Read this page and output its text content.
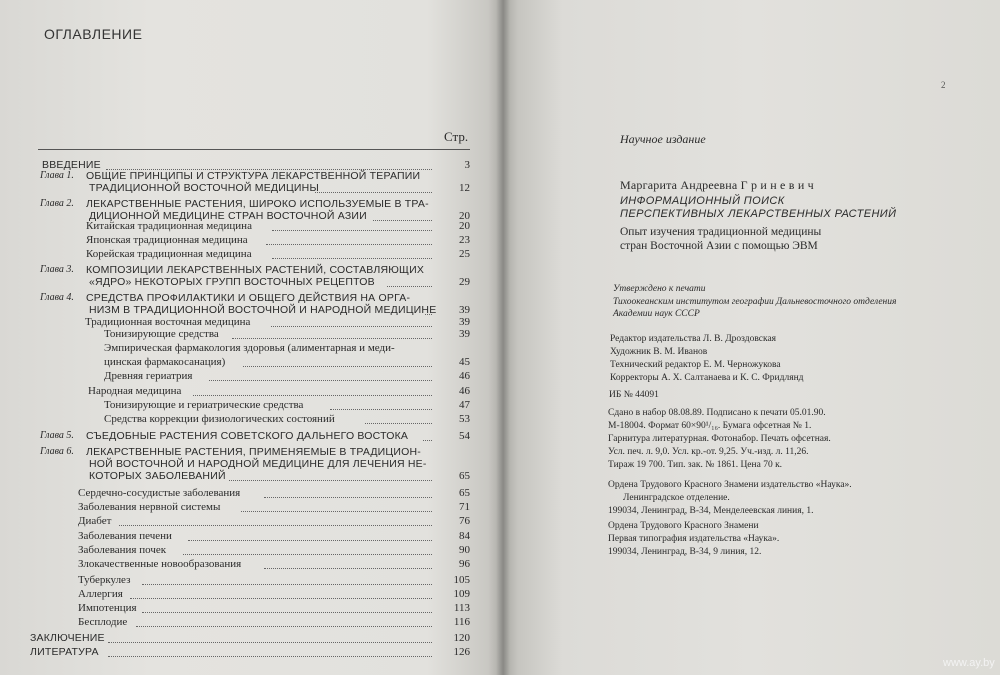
ОГЛАВЛЕНИЕ
Стр.
ВВЕДЕНИЕ	3
Глава 1. ОБЩИЕ ПРИНЦИПЫ И СТРУКТУРА ЛЕКАРСТВЕННОЙ ТЕРАПИИ
ТРАДИЦИОННОЙ ВОСТОЧНОЙ МЕДИЦИНЫ	12
Глава 2. ЛЕКАРСТВЕННЫЕ РАСТЕНИЯ, ШИРОКО ИСПОЛЬЗУЕМЫЕ В ТРА-
ДИЦИОННОЙ МЕДИЦИНЕ СТРАН ВОСТОЧНОЙ АЗИИ	20
Китайская традиционная медицина	20
Японская традиционная медицина	23
Корейская традиционная медицина	25
Глава 3. КОМПОЗИЦИИ ЛЕКАРСТВЕННЫХ РАСТЕНИЙ, СОСТАВЛЯЮЩИХ
«ЯДРО» НЕКОТОРЫХ ГРУПП ВОСТОЧНЫХ РЕЦЕПТОВ	29
Глава 4. СРЕДСТВА ПРОФИЛАКТИКИ И ОБЩЕГО ДЕЙСТВИЯ НА ОРГА-
НИЗМ В ТРАДИЦИОННОЙ ВОСТОЧНОЙ И НАРОДНОЙ МЕДИЦИНЕ	39
Традиционная восточная медицина	39
Тонизирующие средства	39
Эмпирическая фармакология здоровья (алиментарная и меди-
цинская фармакосанация)	45
Древняя гериатрия	46
Народная медицина	46
Тонизирующие и гериатрические средства	47
Средства коррекции физиологических состояний	53
Глава 5. СЪЕДОБНЫЕ РАСТЕНИЯ СОВЕТСКОГО ДАЛЬНЕГО ВОСТОКА	54
Глава 6. ЛЕКАРСТВЕННЫЕ РАСТЕНИЯ, ПРИМЕНЯЕМЫЕ В ТРАДИЦИОН-
НОЙ ВОСТОЧНОЙ И НАРОДНОЙ МЕДИЦИНЕ ДЛЯ ЛЕЧЕНИЯ НЕ-
КОТОРЫХ ЗАБОЛЕВАНИЙ	65
Сердечно-сосудистые заболевания	65
Заболевания нервной системы	71
Диабет	76
Заболевания печени	84
Заболевания почек	90
Злокачественные новообразования	96
Туберкулез	105
Аллергия	109
Импотенция	113
Бесплодие	116
ЗАКЛЮЧЕНИЕ	120
ЛИТЕРАТУРА	126
2
Научное издание
Маргарита Андреевна Г р и н е в и ч
ИНФОРМАЦИОННЫЙ ПОИСК
ПЕРСПЕКТИВНЫХ ЛЕКАРСТВЕННЫХ РАСТЕНИЙ
Опыт изучения традиционной медицины
стран Восточной Азии с помощью ЭВМ
Утверждено к печати
Тихоокеанским институтом географии Дальневосточного отделения
Академии наук СССР
Редактор издательства Л. В. Дроздовская
Художник В. М. Иванов
Технический редактор Е. М. Черножукова
Корректоры А. Х. Салтанаева и К. С. Фридлянд
ИБ № 44091
Сдано в набор 08.08.89. Подписано к печати 05.01.90.
М-18004. Формат 60×90¹/₁₆. Бумага офсетная № 1.
Гарнитура литературная. Фотонабор. Печать офсетная.
Усл. печ. л. 9,0. Усл. кр.-от. 9,25. Уч.-изд. л. 11,26.
Тираж 19 700. Тип. зак. № 1861. Цена 70 к.
Ордена Трудового Красного Знамени издательство «Наука».
Ленинградское отделение.
199034, Ленинград, В-34, Менделеевская линия, 1.
Ордена Трудового Красного Знамени
Первая типография издательства «Наука».
199034, Ленинград, В-34, 9 линия, 12.
www.ay.by
